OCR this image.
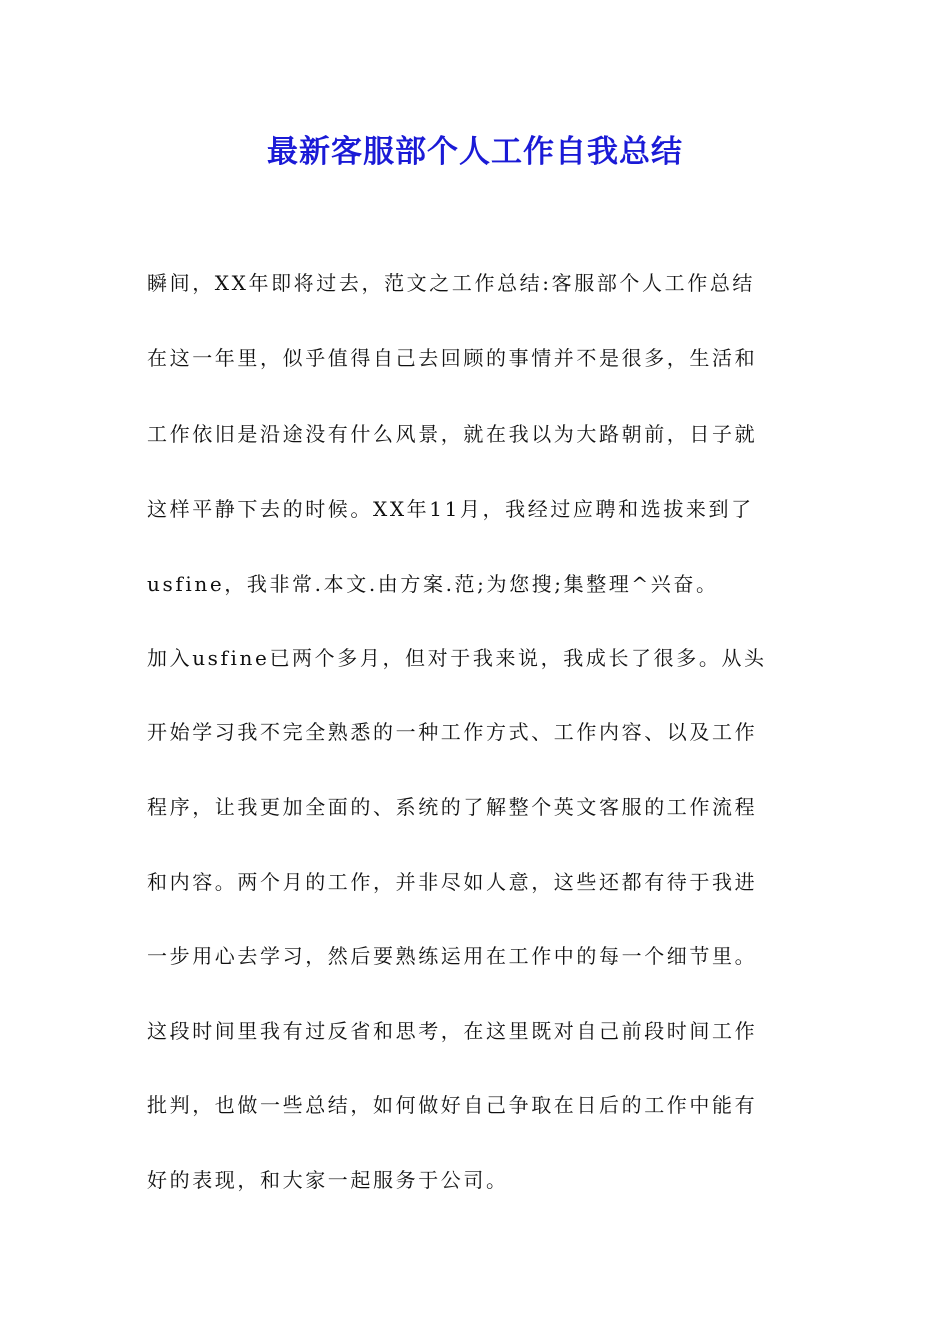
最新客服部个人工作自我总结
瞬间，XX年即将过去，范文之工作总结:客服部个人工作总结
在这一年里，似乎值得自己去回顾的事情并不是很多，生活和
工作依旧是沿途没有什么风景，就在我以为大路朝前，日子就
这样平静下去的时候。XX年11月，我经过应聘和选拔来到了
usfine，我非常.本文.由方案.范;为您搜;集整理^兴奋。
加入usfine已两个多月，但对于我来说，我成长了很多。从头
开始学习我不完全熟悉的一种工作方式、工作内容、以及工作
程序，让我更加全面的、系统的了解整个英文客服的工作流程
和内容。两个月的工作，并非尽如人意，这些还都有待于我进
一步用心去学习，然后要熟练运用在工作中的每一个细节里。
这段时间里我有过反省和思考，在这里既对自己前段时间工作
批判，也做一些总结，如何做好自己争取在日后的工作中能有
好的表现，和大家一起服务于公司。
